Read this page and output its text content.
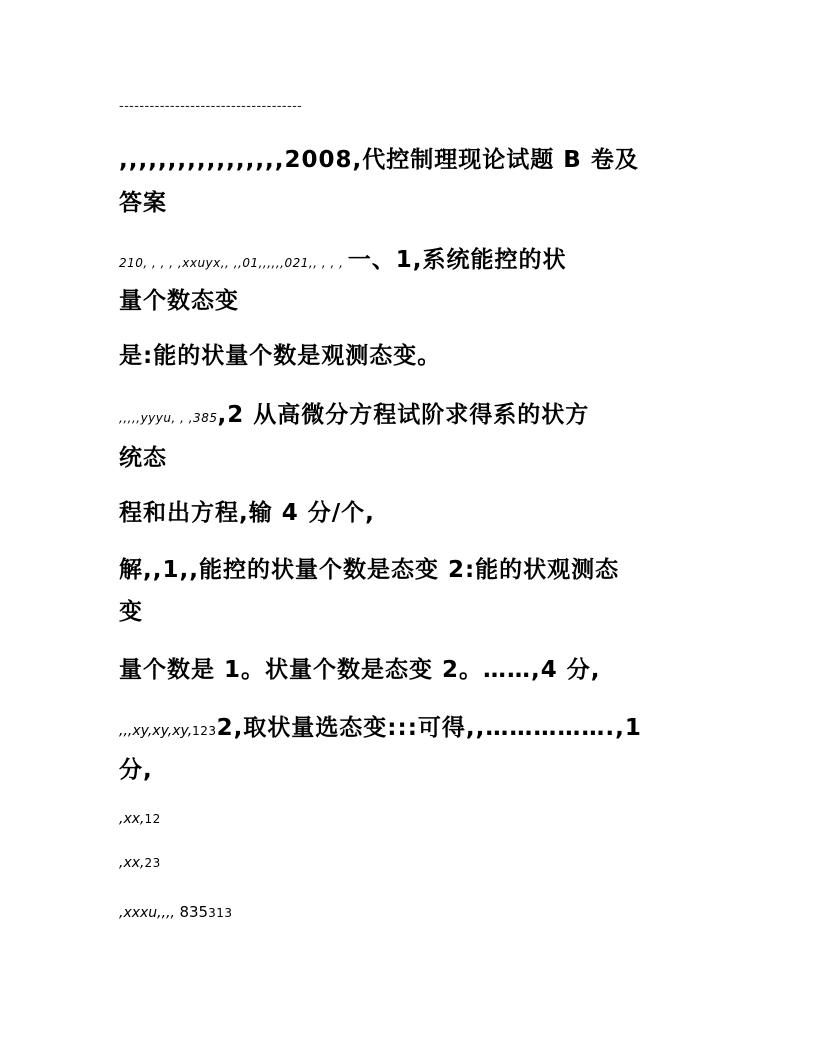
------------------------------------
,,,,,,,,,,,,,,,,,2008,代控制理现论试题 B 卷及
答案
210, , , , ,xxuyx,, ,,01,,,,,,021,, , , , 一、1,系统能控的状
量个数态变
是:能的状量个数是观测态变。
,,,,,yyyu, , ,385,2 从高微分方程试阶求得系的状方
统态
程和出方程,输 4 分/个,
解,,1,,能控的状量个数是态变 2:能的状观测态
变
量个数是 1。状量个数是态变 2。……,4 分,
,,,xy,xy,xy,1232,取状量选态变:::可得,,…………….,1
分,
,xx,12
,xx,23
,xxxu,,,, 835313
